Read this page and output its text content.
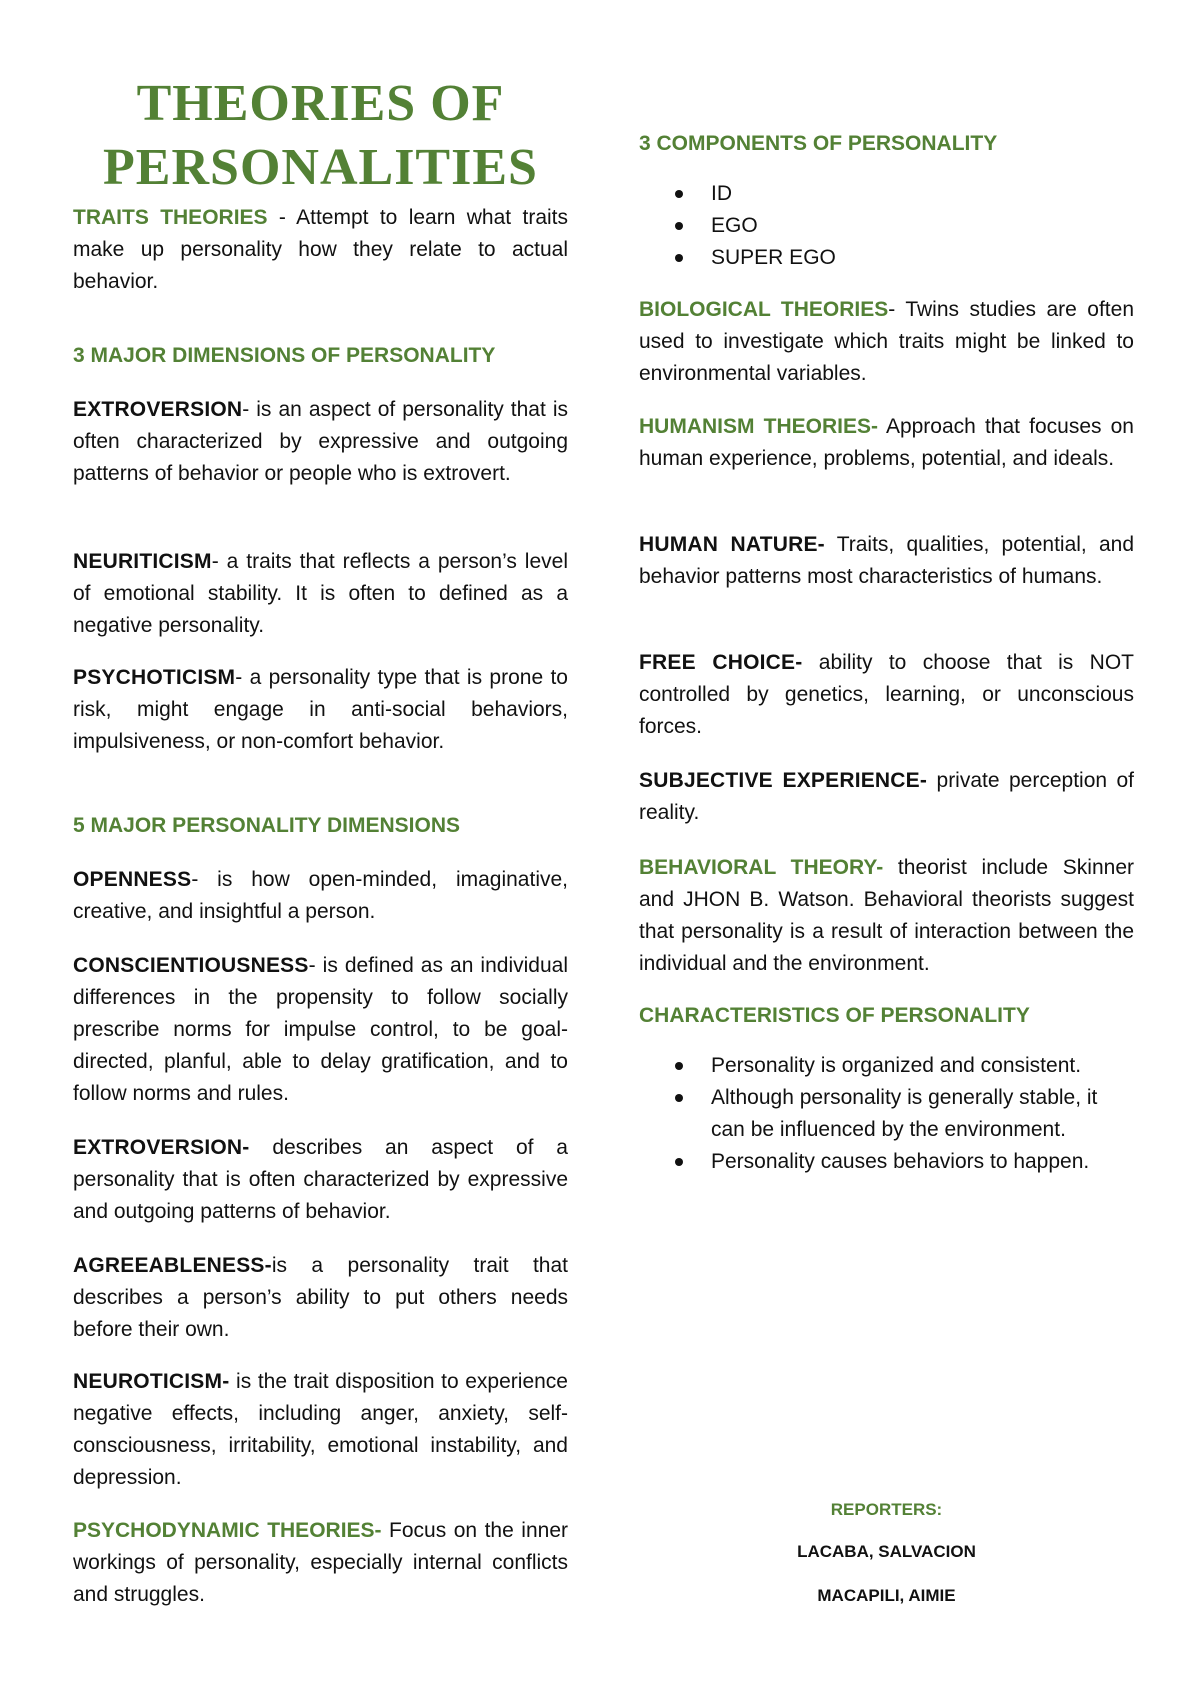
THEORIES OF
PERSONALITIES

TRAITS THEORIES - Attempt to learn what traits make up personality how they relate to actual behavior.

3 MAJOR DIMENSIONS OF PERSONALITY

EXTROVERSION- is an aspect of personality that is often characterized by expressive and outgoing patterns of behavior or people who is extrovert.

NEURITICISM- a traits that reflects a person’s level of emotional stability. It is often to defined as a negative personality.

PSYCHOTICISM- a personality type that is prone to risk, might engage in anti-social behaviors, impulsiveness, or non-comfort behavior.

5 MAJOR PERSONALITY DIMENSIONS

OPENNESS- is how open-minded, imaginative, creative, and insightful a person.

CONSCIENTIOUSNESS- is defined as an individual differences in the propensity to follow socially prescribe norms for impulse control, to be goal-directed, planful, able to delay gratification, and to follow norms and rules.

EXTROVERSION- describes an aspect of a personality that is often characterized by expressive and outgoing patterns of behavior.

AGREEABLENESS-is a personality trait that describes a person’s ability to put others needs before their own.

NEUROTICISM- is the trait disposition to experience negative effects, including anger, anxiety, self-consciousness, irritability, emotional instability, and depression.

PSYCHODYNAMIC THEORIES- Focus on the inner workings of personality, especially internal conflicts and struggles.

3 COMPONENTS OF PERSONALITY
ID
EGO
SUPER EGO

BIOLOGICAL THEORIES- Twins studies are often used to investigate which traits might be linked to environmental variables.

HUMANISM THEORIES- Approach that focuses on human experience, problems, potential, and ideals.

HUMAN NATURE- Traits, qualities, potential, and behavior patterns most characteristics of humans.

FREE CHOICE- ability to choose that is NOT controlled by genetics, learning, or unconscious forces.

SUBJECTIVE EXPERIENCE- private perception of reality.

BEHAVIORAL THEORY- theorist include Skinner and JHON B. Watson. Behavioral theorists suggest that personality is a result of interaction between the individual and the environment.

CHARACTERISTICS OF PERSONALITY
Personality is organized and consistent.
Although personality is generally stable, it can be influenced by the environment.
Personality causes behaviors to happen.
REPORTERS:
LACABA, SALVACION
MACAPILI, AIMIE
